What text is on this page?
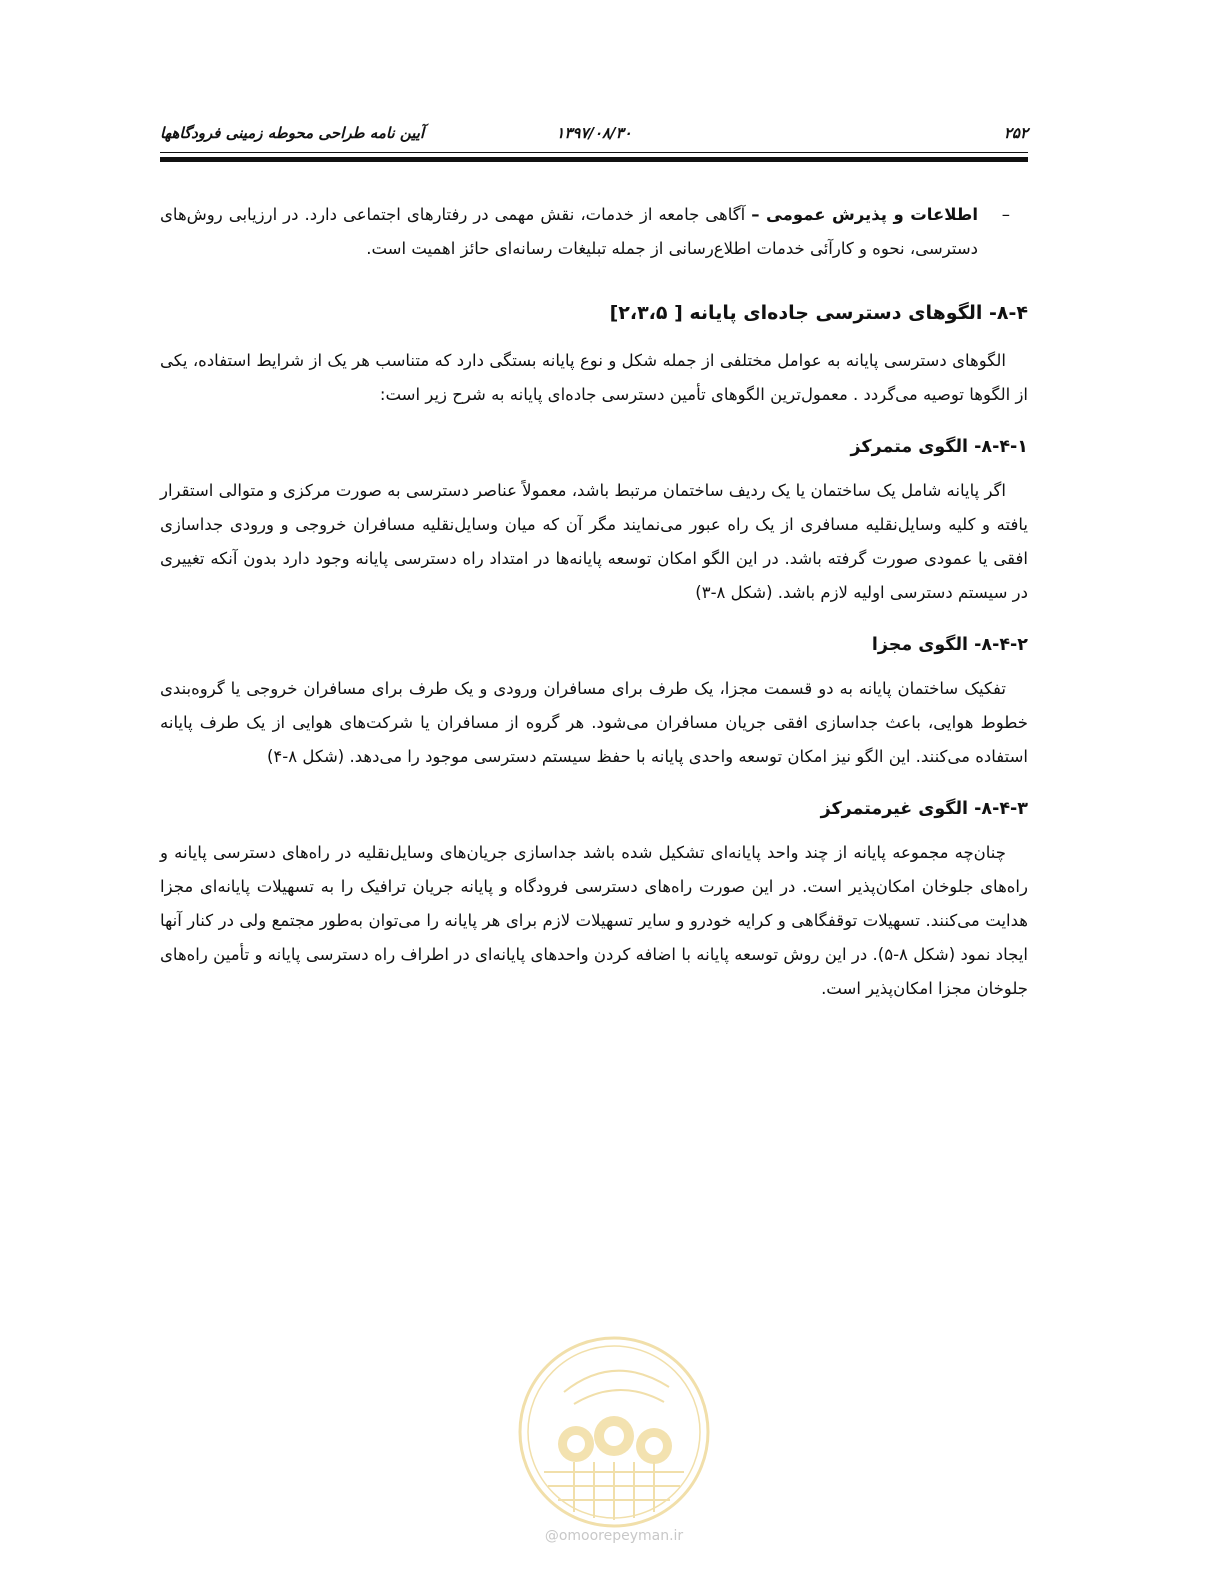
۲۵۲
۱۳۹۷/۰۸/۳۰
آیین نامه طراحی محوطه زمینی فرودگاهها
–
اطلاعات و پذیرش عمومی – آگاهی جامعه از خدمات، نقش مهمی در رفتارهای اجتماعی دارد. در ارزیابی روش‌های دسترسی، نحوه و کارآئی خدمات اطلاع‌رسانی از جمله تبلیغات رسانه‌ای حائز اهمیت است.
۸-۴- الگوهای دسترسی جاده‌ای پایانه [ ۲،۳،۵]

الگوهای دسترسی پایانه به عوامل مختلفی از جمله شکل و نوع پایانه بستگی دارد که متناسب هر یک از شرایط استفاده، یکی از الگوها توصیه می‌گردد . معمول‌ترین الگوهای تأمین دسترسی جاده‌ای پایانه به شرح زیر است:

۸-۴-۱- الگوی متمرکز

اگر پایانه شامل یک ساختمان یا یک ردیف ساختمان مرتبط باشد، معمولاً عناصر دسترسی به صورت مرکزی و متوالی استقرار یافته و کلیه وسایل‌نقلیه مسافری از یک راه عبور می‌نمایند مگر آن که میان وسایل‌نقلیه مسافران خروجی و ورودی جداسازی افقی یا عمودی صورت گرفته باشد. در این الگو امکان توسعه پایانه‌ها در امتداد راه دسترسی پایانه وجود دارد بدون آنکه تغییری در سیستم دسترسی اولیه لازم باشد. (شکل ۸-۳)

۸-۴-۲- الگوی مجزا

تفکیک ساختمان پایانه به دو قسمت مجزا، یک طرف برای مسافران ورودی و یک طرف برای مسافران خروجی یا گروه‌بندی خطوط هوایی، باعث جداسازی افقی جریان مسافران می‌شود. هر گروه از مسافران یا شرکت‌های هوایی از یک طرف پایانه استفاده می‌کنند. این الگو نیز امکان توسعه واحدی پایانه با حفظ سیستم دسترسی موجود را می‌دهد. (شکل ۸-۴)

۸-۴-۳- الگوی غیرمتمرکز

چنان‌چه مجموعه پایانه از چند واحد پایانه‌ای تشکیل شده باشد جداسازی جریان‌های وسایل‌نقلیه در راه‌های دسترسی پایانه و راه‌های جلوخان امکان‌پذیر است. در این صورت راه‌های دسترسی فرودگاه و پایانه جریان ترافیک را به تسهیلات پایانه‌ای مجزا هدایت می‌کنند. تسهیلات توقفگاهی و کرایه خودرو و سایر تسهیلات لازم برای هر پایانه را می‌توان به‌طور مجتمع ولی در کنار آنها ایجاد نمود (شکل ۸-۵). در این روش توسعه پایانه با اضافه کردن واحدهای پایانه‌ای در اطراف راه دسترسی پایانه و تأمین راه‌های جلوخان مجزا امکان‌پذیر است.

@omoorepeyman.ir
